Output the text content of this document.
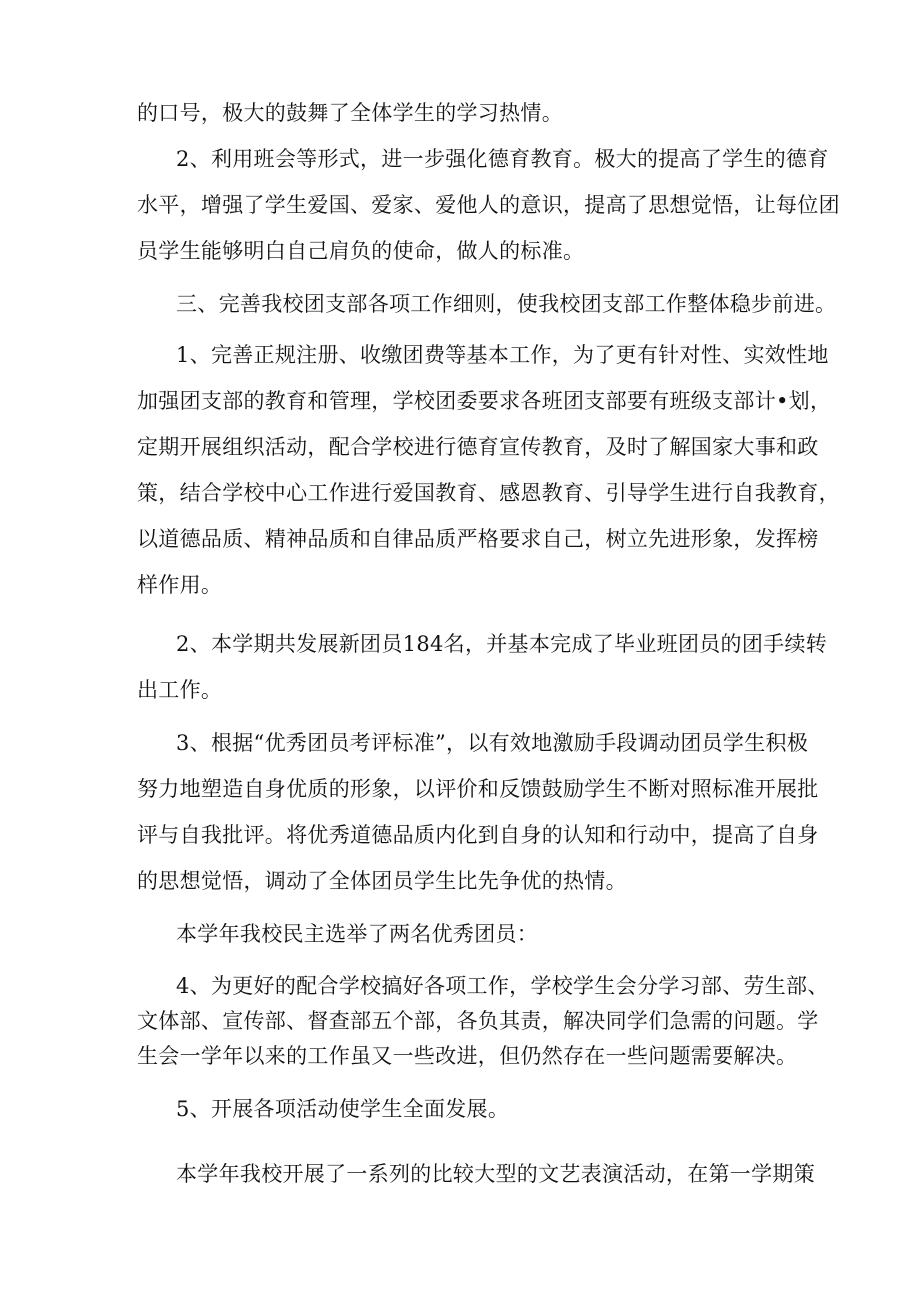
的口号，极大的鼓舞了全体学生的学习热情。
2、利用班会等形式，进一步强化德育教育。极大的提高了学生的德育
水平，增强了学生爱国、爱家、爱他人的意识，提高了思想觉悟，让每位团
员学生能够明白自己肩负的使命，做人的标准。
三、完善我校团支部各项工作细则，使我校团支部工作整体稳步前进。
1、完善正规注册、收缴团费等基本工作，为了更有针对性、实效性地
加强团支部的教育和管理，学校团委要求各班团支部要有班级支部计•划，
定期开展组织活动，配合学校进行德育宣传教育，及时了解国家大事和政
策，结合学校中心工作进行爱国教育、感恩教育、引导学生进行自我教育，
以道德品质、精神品质和自律品质严格要求自己，树立先进形象，发挥榜
样作用。
2、本学期共发展新团员184名，并基本完成了毕业班团员的团手续转
出工作。
3、根据“优秀团员考评标准”，以有效地激励手段调动团员学生积极
努力地塑造自身优质的形象，以评价和反馈鼓励学生不断对照标准开展批
评与自我批评。将优秀道德品质内化到自身的认知和行动中，提高了自身
的思想觉悟，调动了全体团员学生比先争优的热情。
本学年我校民主选举了两名优秀团员：
4、为更好的配合学校搞好各项工作，学校学生会分学习部、劳生部、
文体部、宣传部、督查部五个部，各负其责，解决同学们急需的问题。学
生会一学年以来的工作虽又一些改进，但仍然存在一些问题需要解决。
5、开展各项活动使学生全面发展。
本学年我校开展了一系列的比较大型的文艺表演活动，在第一学期策
